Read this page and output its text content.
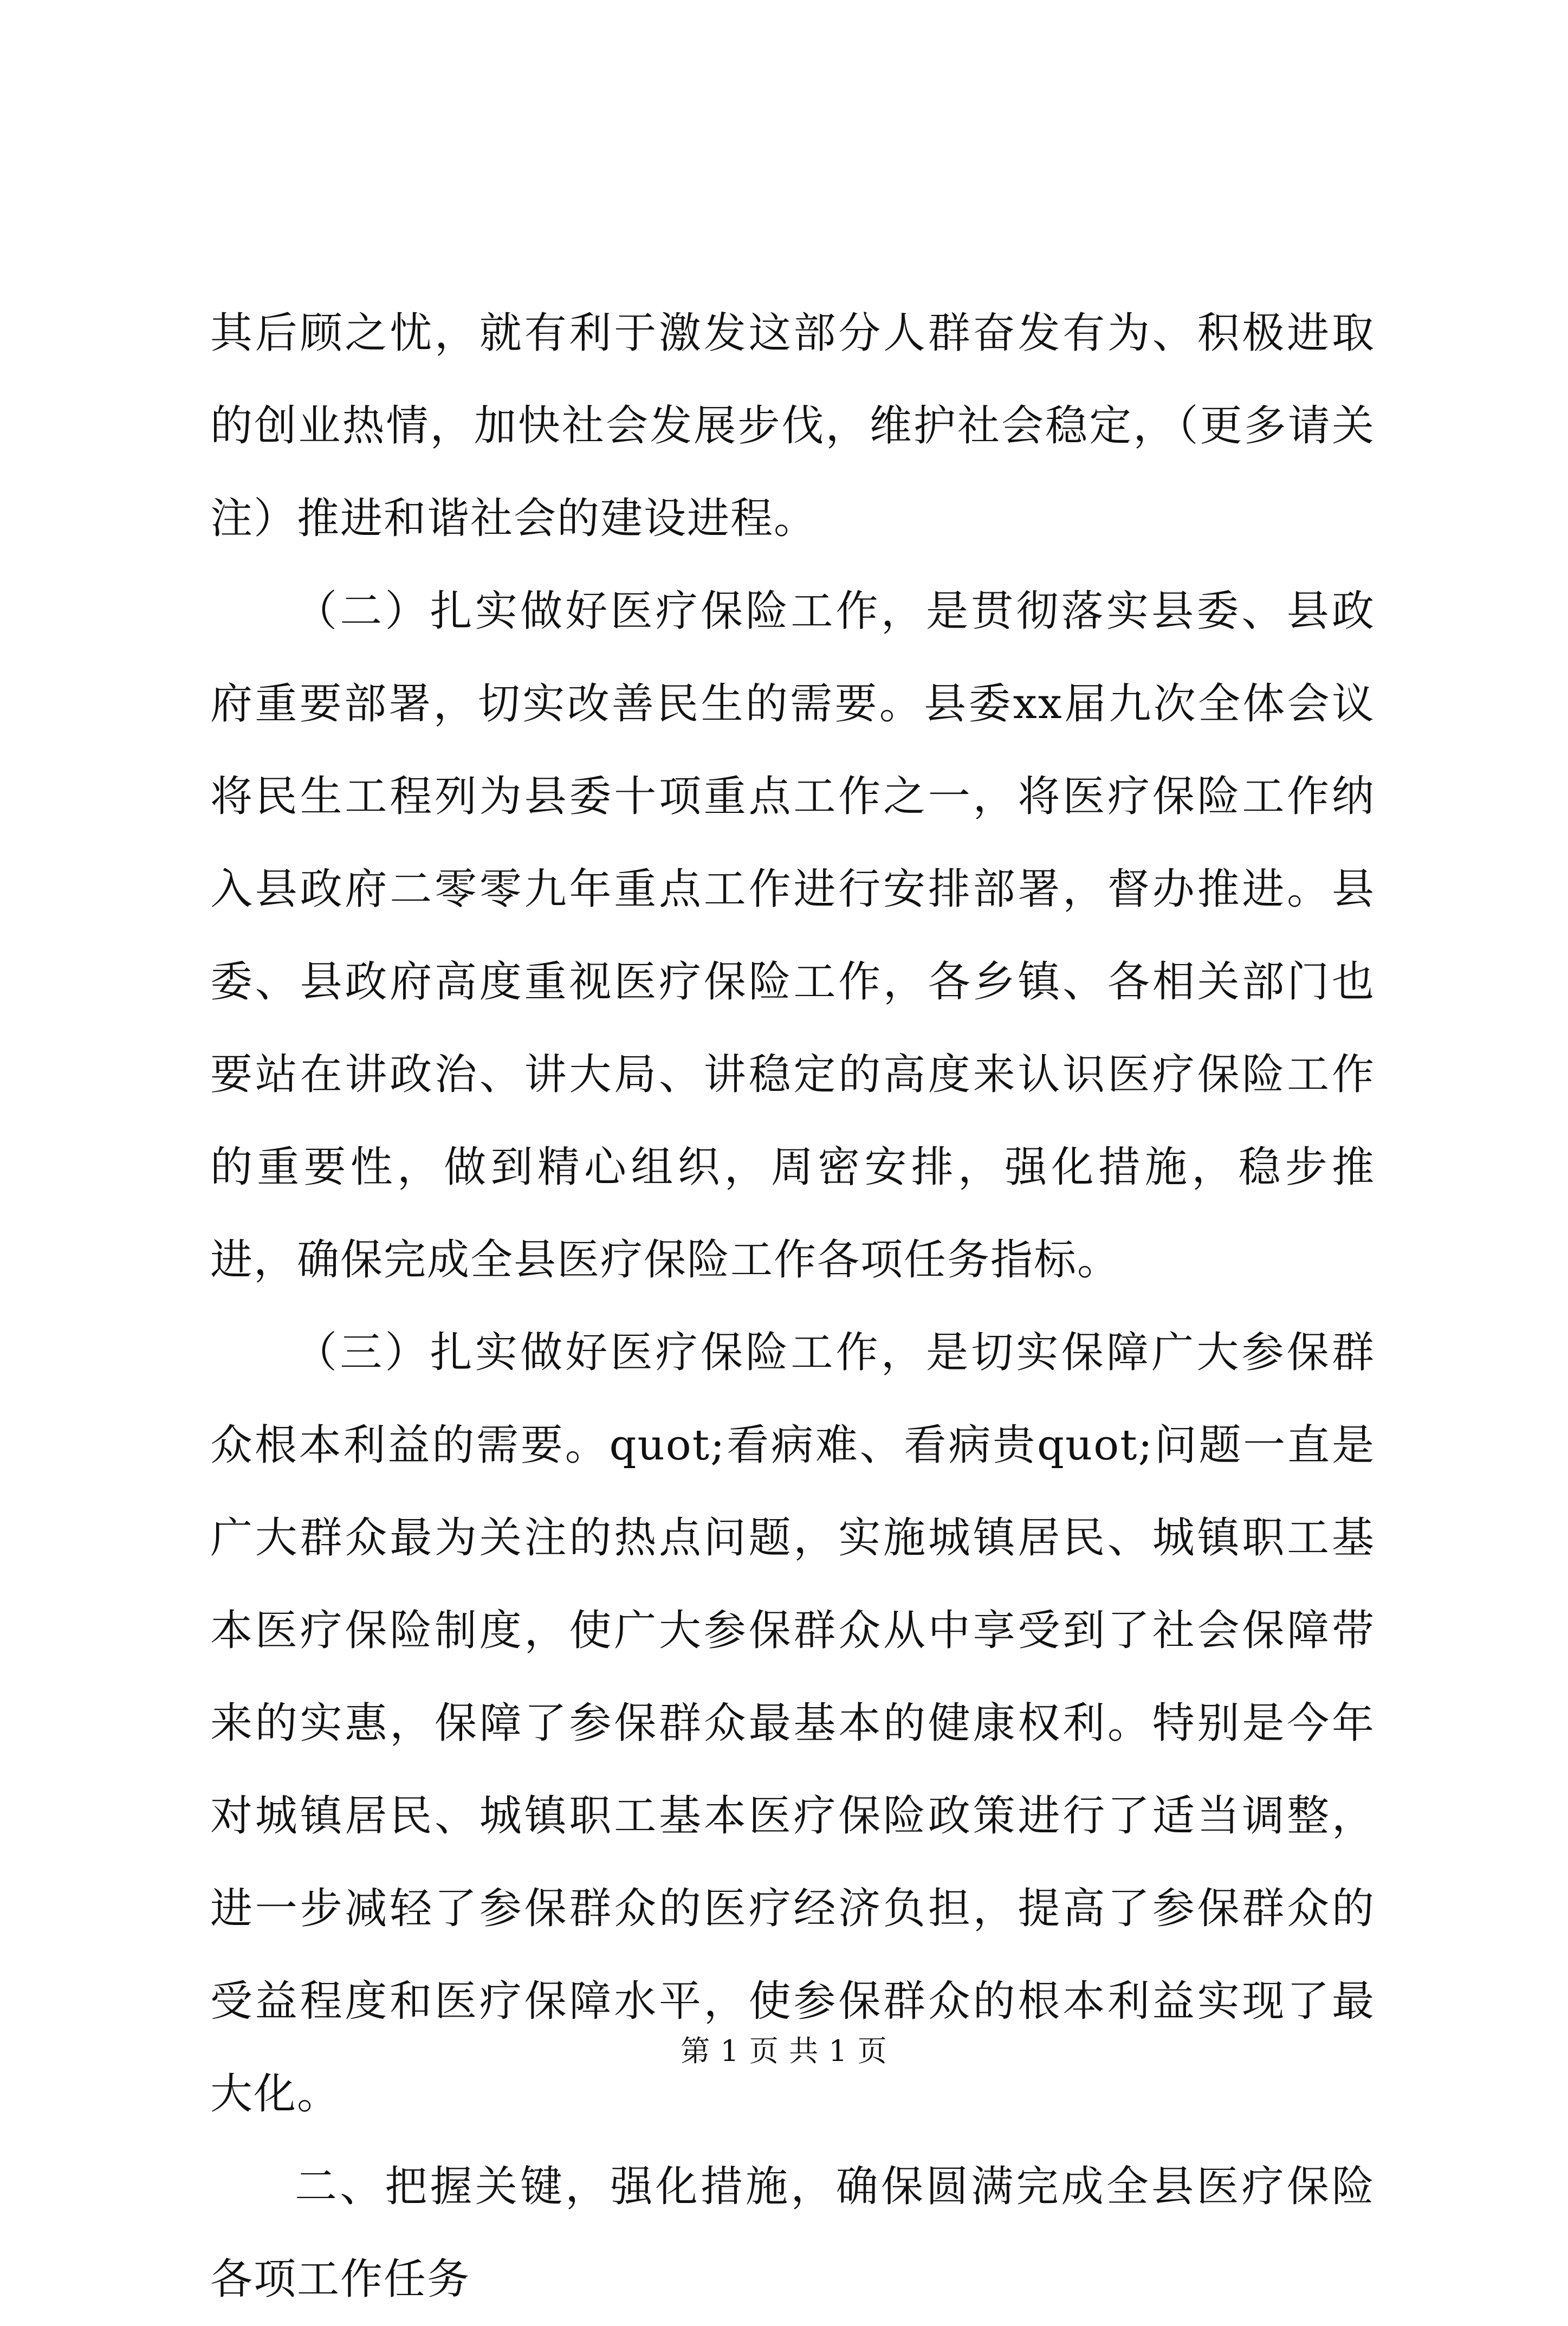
其后顾之忧，就有利于激发这部分人群奋发有为、积极进取的创业热情，加快社会发展步伐，维护社会稳定，（更多请关注）推进和谐社会的建设进程。

（二）扎实做好医疗保险工作，是贯彻落实县委、县政府重要部署，切实改善民生的需要。县委xx届九次全体会议将民生工程列为县委十项重点工作之一，将医疗保险工作纳入县政府二零零九年重点工作进行安排部署，督办推进。县委、县政府高度重视医疗保险工作，各乡镇、各相关部门也要站在讲政治、讲大局、讲稳定的高度来认识医疗保险工作的重要性，做到精心组织，周密安排，强化措施，稳步推进，确保完成全县医疗保险工作各项任务指标。

（三）扎实做好医疗保险工作，是切实保障广大参保群众根本利益的需要。quot;看病难、看病贵quot;问题一直是广大群众最为关注的热点问题，实施城镇居民、城镇职工基本医疗保险制度，使广大参保群众从中享受到了社会保障带来的实惠，保障了参保群众最基本的健康权利。特别是今年对城镇居民、城镇职工基本医疗保险政策进行了适当调整，进一步减轻了参保群众的医疗经济负担，提高了参保群众的受益程度和医疗保障水平，使参保群众的根本利益实现了最大化。

二、把握关键，强化措施，确保圆满完成全县医疗保险各项工作任务

第 1 页 共 1 页
